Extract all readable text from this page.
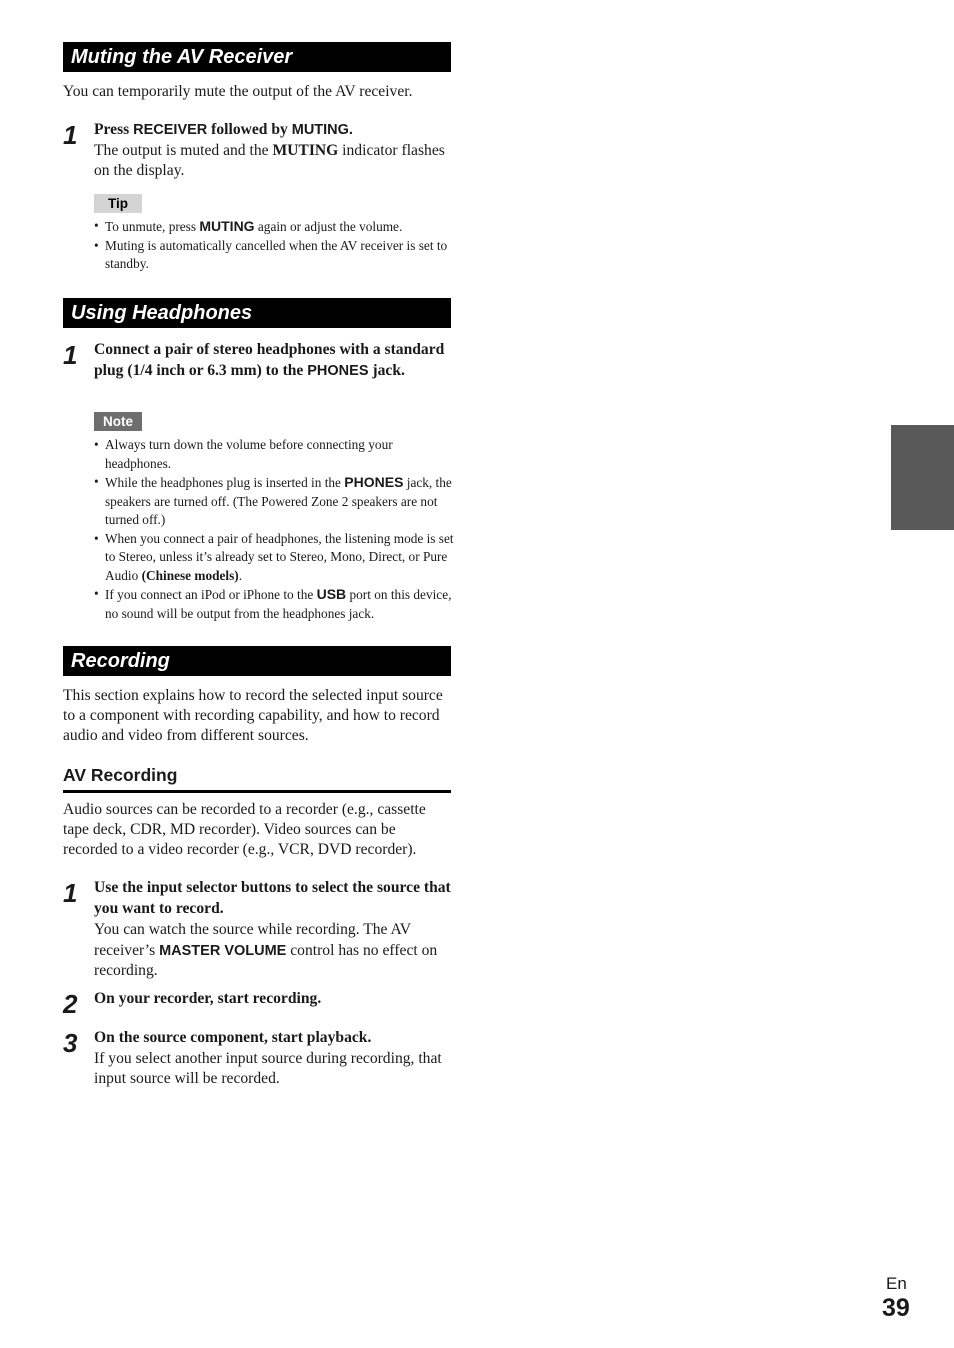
Muting the AV Receiver
You can temporarily mute the output of the AV receiver.
1 Press RECEIVER followed by MUTING.
The output is muted and the MUTING indicator flashes on the display.
Tip
• To unmute, press MUTING again or adjust the volume.
• Muting is automatically cancelled when the AV receiver is set to standby.
Using Headphones
1 Connect a pair of stereo headphones with a standard plug (1/4 inch or 6.3 mm) to the PHONES jack.
Note
• Always turn down the volume before connecting your headphones.
• While the headphones plug is inserted in the PHONES jack, the speakers are turned off. (The Powered Zone 2 speakers are not turned off.)
• When you connect a pair of headphones, the listening mode is set to Stereo, unless it’s already set to Stereo, Mono, Direct, or Pure Audio (Chinese models).
• If you connect an iPod or iPhone to the USB port on this device, no sound will be output from the headphones jack.
Recording
This section explains how to record the selected input source to a component with recording capability, and how to record audio and video from different sources.
AV Recording
Audio sources can be recorded to a recorder (e.g., cassette tape deck, CDR, MD recorder). Video sources can be recorded to a video recorder (e.g., VCR, DVD recorder).
1 Use the input selector buttons to select the source that you want to record.
You can watch the source while recording. The AV receiver’s MASTER VOLUME control has no effect on recording.
2 On your recorder, start recording.
3 On the source component, start playback.
If you select another input source during recording, that input source will be recorded.
En
39
